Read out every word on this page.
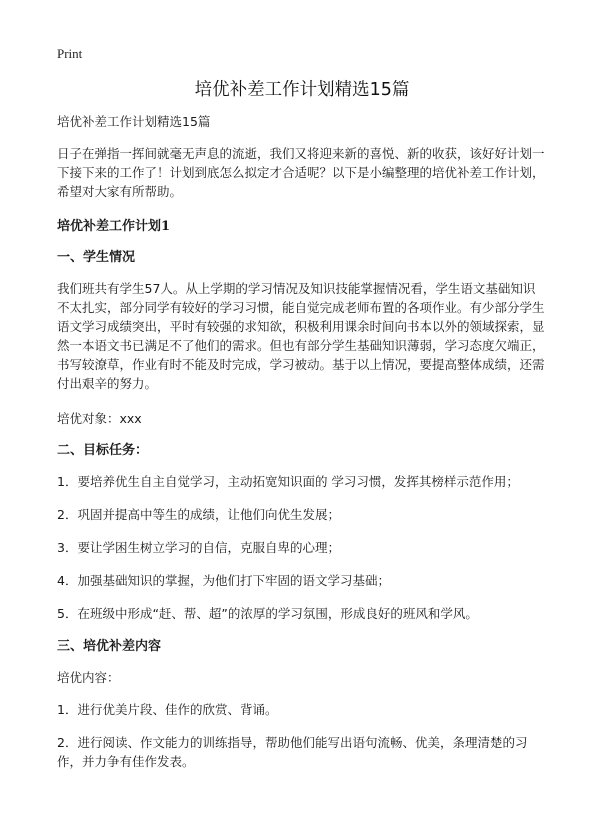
Print
培优补差工作计划精选15篇
培优补差工作计划精选15篇

日子在弹指一挥间就毫无声息的流逝，我们又将迎来新的喜悦、新的收获，该好好计划一下接下来的工作了！计划到底怎么拟定才合适呢？以下是小编整理的培优补差工作计划，希望对大家有所帮助。

培优补差工作计划1
一、学生情况

我们班共有学生57人。从上学期的学习情况及知识技能掌握情况看，学生语文基础知识不太扎实，部分同学有较好的学习习惯，能自觉完成老师布置的各项作业。有少部分学生语文学习成绩突出，平时有较强的求知欲，积极利用课余时间向书本以外的领域探索，显然一本语文书已满足不了他们的需求。但也有部分学生基础知识薄弱，学习态度欠端正，书写较潦草，作业有时不能及时完成，学习被动。基于以上情况，要提高整体成绩，还需付出艰辛的努力。

培优对象：xxx

二、目标任务：

1．要培养优生自主自觉学习，主动拓宽知识面的 学习习惯，发挥其榜样示范作用；

2．巩固并提高中等生的成绩，让他们向优生发展；

3．要让学困生树立学习的自信，克服自卑的心理；

4．加强基础知识的掌握，为他们打下牢固的语文学习基础；

5．在班级中形成“赶、帮、超”的浓厚的学习氛围，形成良好的班风和学风。

三、培优补差内容

培优内容：

1．进行优美片段、佳作的欣赏、背诵。

2．进行阅读、作文能力的训练指导，帮助他们能写出语句流畅、优美，条理清楚的习作，并力争有佳作发表。
